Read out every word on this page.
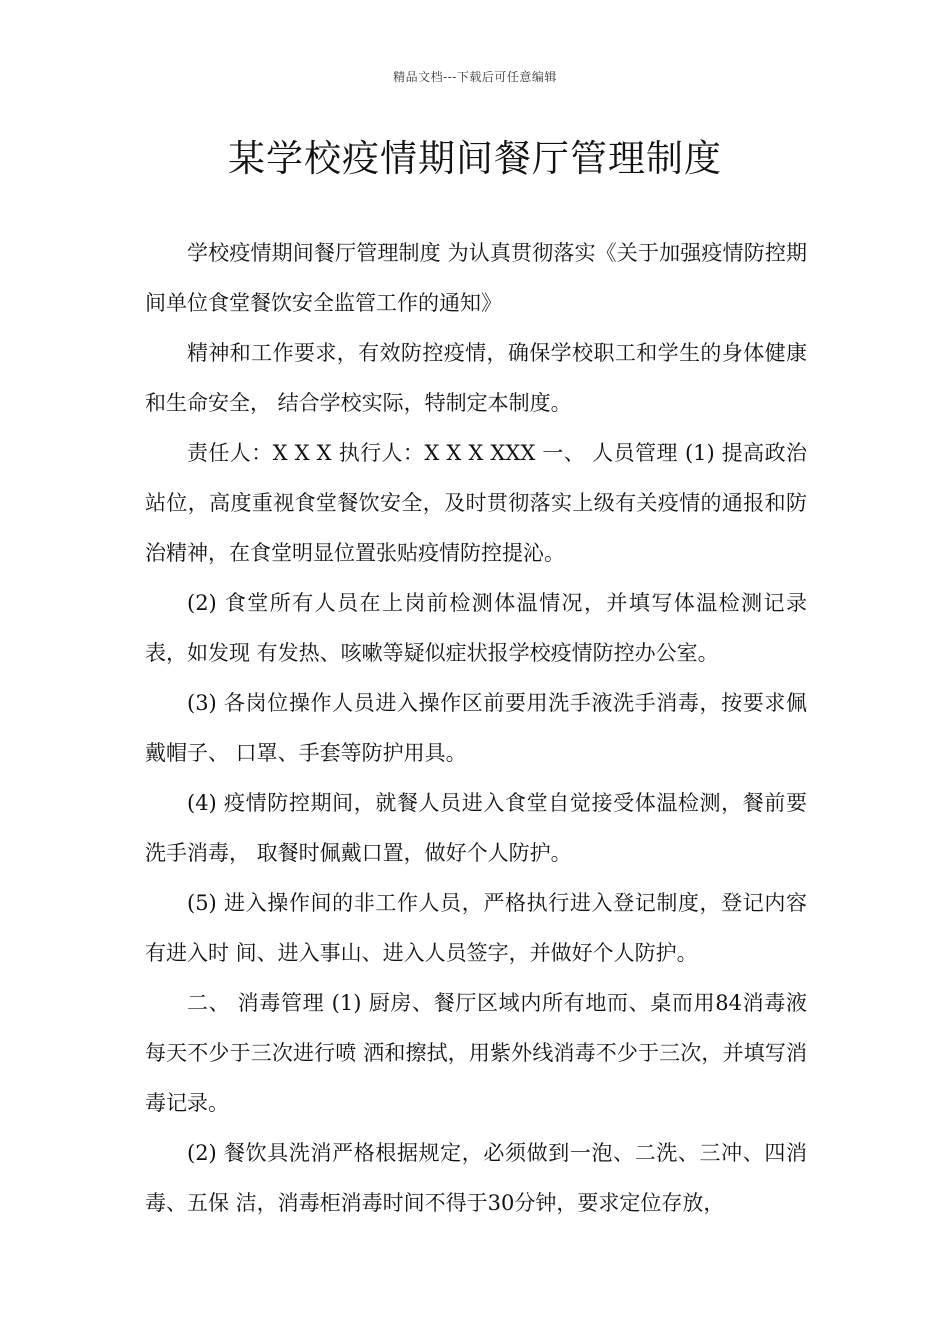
精品文档---下载后可任意编辑
某学校疫情期间餐厅管理制度

学校疫情期间餐厅管理制度 为认真贯彻落实《关于加强疫情防控期间单位食堂餐饮安全监管工作的通知》

精神和工作要求，有效防控疫情，确保学校职工和学生的身体健康和生命安全， 结合学校实际，特制定本制度。

责任人：X X X 执行人：X X X XXX 一、 人员管理 (1) 提高政治站位，高度重视食堂餐饮安全，及时贯彻落实上级有关疫情的通报和防治精神，在食堂明显位置张贴疫情防控提沁。

(2) 食堂所有人员在上岗前检测体温情况，并填写体温检测记录表，如发现 有发热、咳嗽等疑似症状报学校疫情防控办公室。

(3) 各岗位操作人员进入操作区前要用洗手液洗手消毒，按要求佩戴帽子、 口罩、手套等防护用具。

(4) 疫情防控期间，就餐人员进入食堂自觉接受体温检测，餐前要洗手消毒， 取餐时佩戴口置，做好个人防护。

(5) 进入操作间的非工作人员，严格执行进入登记制度，登记内容有进入时 间、进入事山、进入人员签字，并做好个人防护。

二、 消毒管理 (1) 厨房、餐厅区域内所有地而、桌而用84消毒液每天不少于三次进行喷 洒和擦拭，用紫外线消毒不少于三次，并填写消毒记录。

(2) 餐饮具洗消严格根据规定，必须做到一泡、二洗、三冲、四消毒、五保 洁，消毒柜消毒时间不得于30分钟，要求定位存放，
